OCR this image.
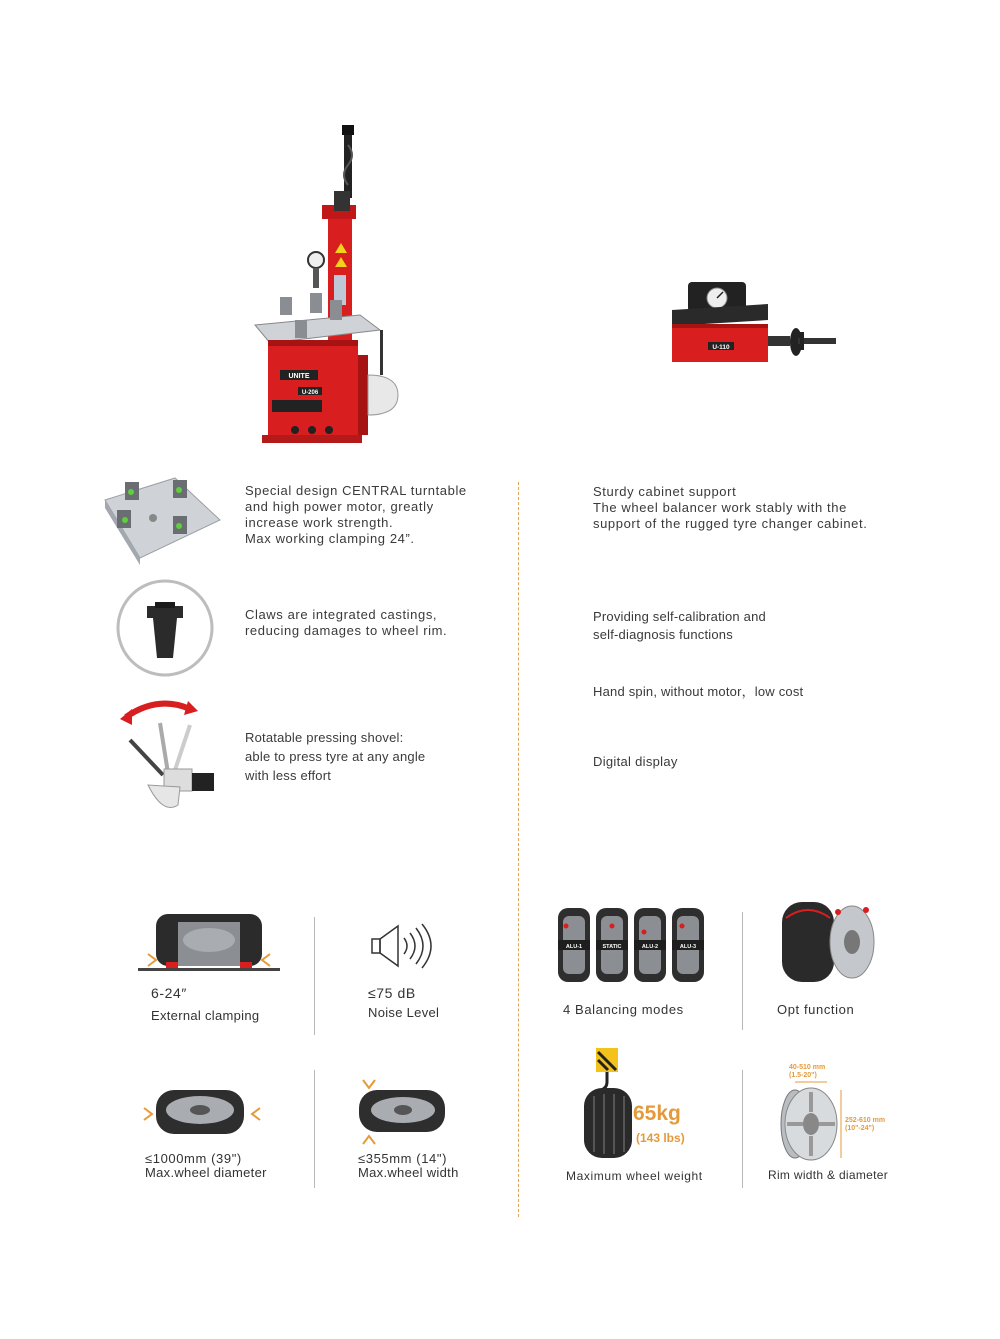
UNITE
U-206
U-110
Special design CENTRAL turntable
and high power motor, greatly
increase work strength.
Max working clamping 24”.
Claws are integrated castings,
reducing damages to wheel rim.
Rotatable pressing shovel:
able to press tyre at any angle
with less effort
Sturdy cabinet support
The wheel balancer work stably with the
support of the rugged tyre changer cabinet.
Providing self-calibration and
self-diagnosis functions
Hand spin, without motor，low cost
Digital display
6-24″
External clamping
≤75 dB
Noise Level
≤1000mm (39")
Max.wheel diameter
≤355mm (14")
Max.wheel width
ALU-1	STATIC	ALU-2	ALU-3
4 Balancing modes	Opt function
65kg
(143 lbs)
Maximum wheel weight
40-510 mm
(1.5-20")
252-610 mm
(10"-24")
Rim width & diameter
